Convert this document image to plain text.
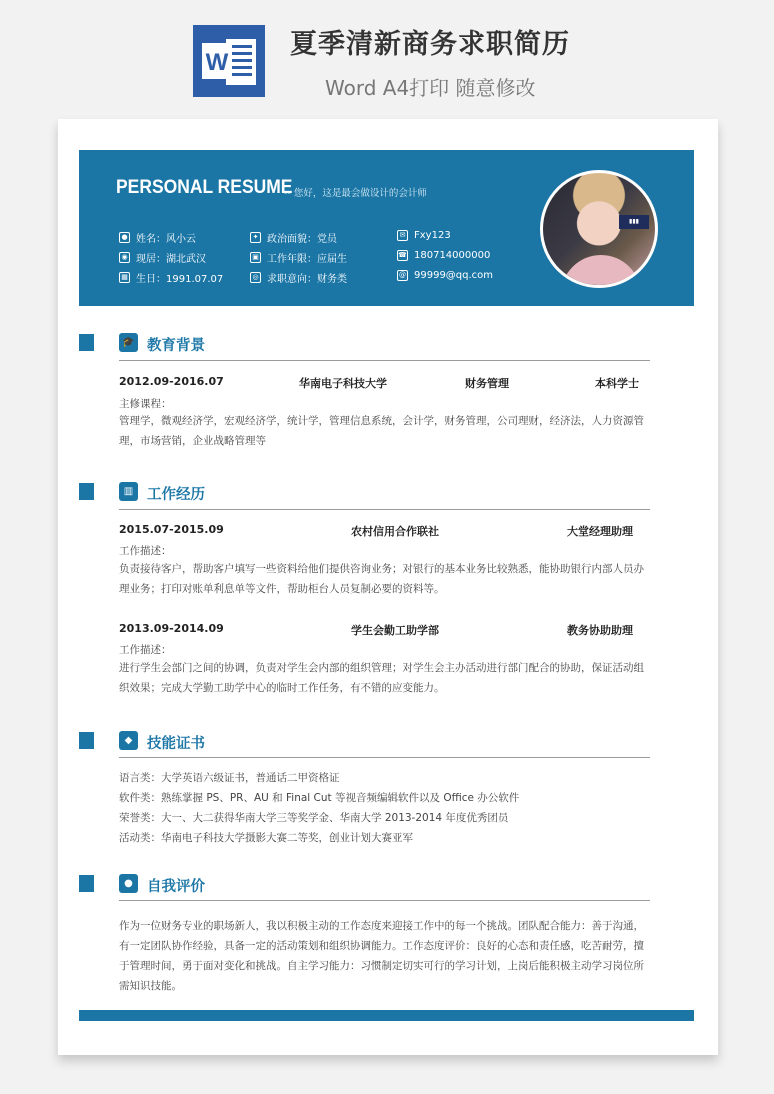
W
夏季清新商务求职简历
Word A4打印 随意修改
PERSONAL RESUME
-- 您好，这是最会做设计的会计师
● 姓名：风小云
◉ 现居：湖北武汉
▦ 生日：1991.07.07
✦ 政治面貌：党员
▣ 工作年限：应届生
◎ 求职意向：财务类
✉ Fxy123
☎ 180714000000
@ 99999@qq.com
▮▮▮
🎓 教育背景
2012.09-2016.07	华南电子科技大学	财务管理	本科学士
主修课程：
管理学，微观经济学，宏观经济学，统计学，管理信息系统，会计学，财务管理，公司理财，经济法，人力资源管理，市场营销，企业战略管理等
▥ 工作经历
2015.07-2015.09	农村信用合作联社	大堂经理助理
工作描述：
负责接待客户，帮助客户填写一些资料给他们提供咨询业务；对银行的基本业务比较熟悉，能协助银行内部人员办理业务；打印对账单利息单等文件，帮助柜台人员复制必要的资料等。
2013.09-2014.09	学生会勤工助学部	教务协助助理
工作描述：
进行学生会部门之间的协调，负责对学生会内部的组织管理；对学生会主办活动进行部门配合的协助，保证活动组织效果；完成大学勤工助学中心的临时工作任务，有不错的应变能力。
◆	技能证书
语言类：大学英语六级证书，普通话二甲资格证
软件类：熟练掌握 PS、PR、AU 和 Final Cut 等视音频编辑软件以及 Office 办公软件
荣誉类：大一、大二获得华南大学三等奖学金、华南大学 2013-2014 年度优秀团员
活动类：华南电子科技大学摄影大赛二等奖，创业计划大赛亚军
● 自我评价
作为一位财务专业的职场新人，我以积极主动的工作态度来迎接工作中的每一个挑战。团队配合能力：善于沟通，有一定团队协作经验，具备一定的活动策划和组织协调能力。工作态度评价：良好的心态和责任感，吃苦耐劳，擅于管理时间，勇于面对变化和挑战。自主学习能力：习惯制定切实可行的学习计划，上岗后能积极主动学习岗位所需知识技能。
